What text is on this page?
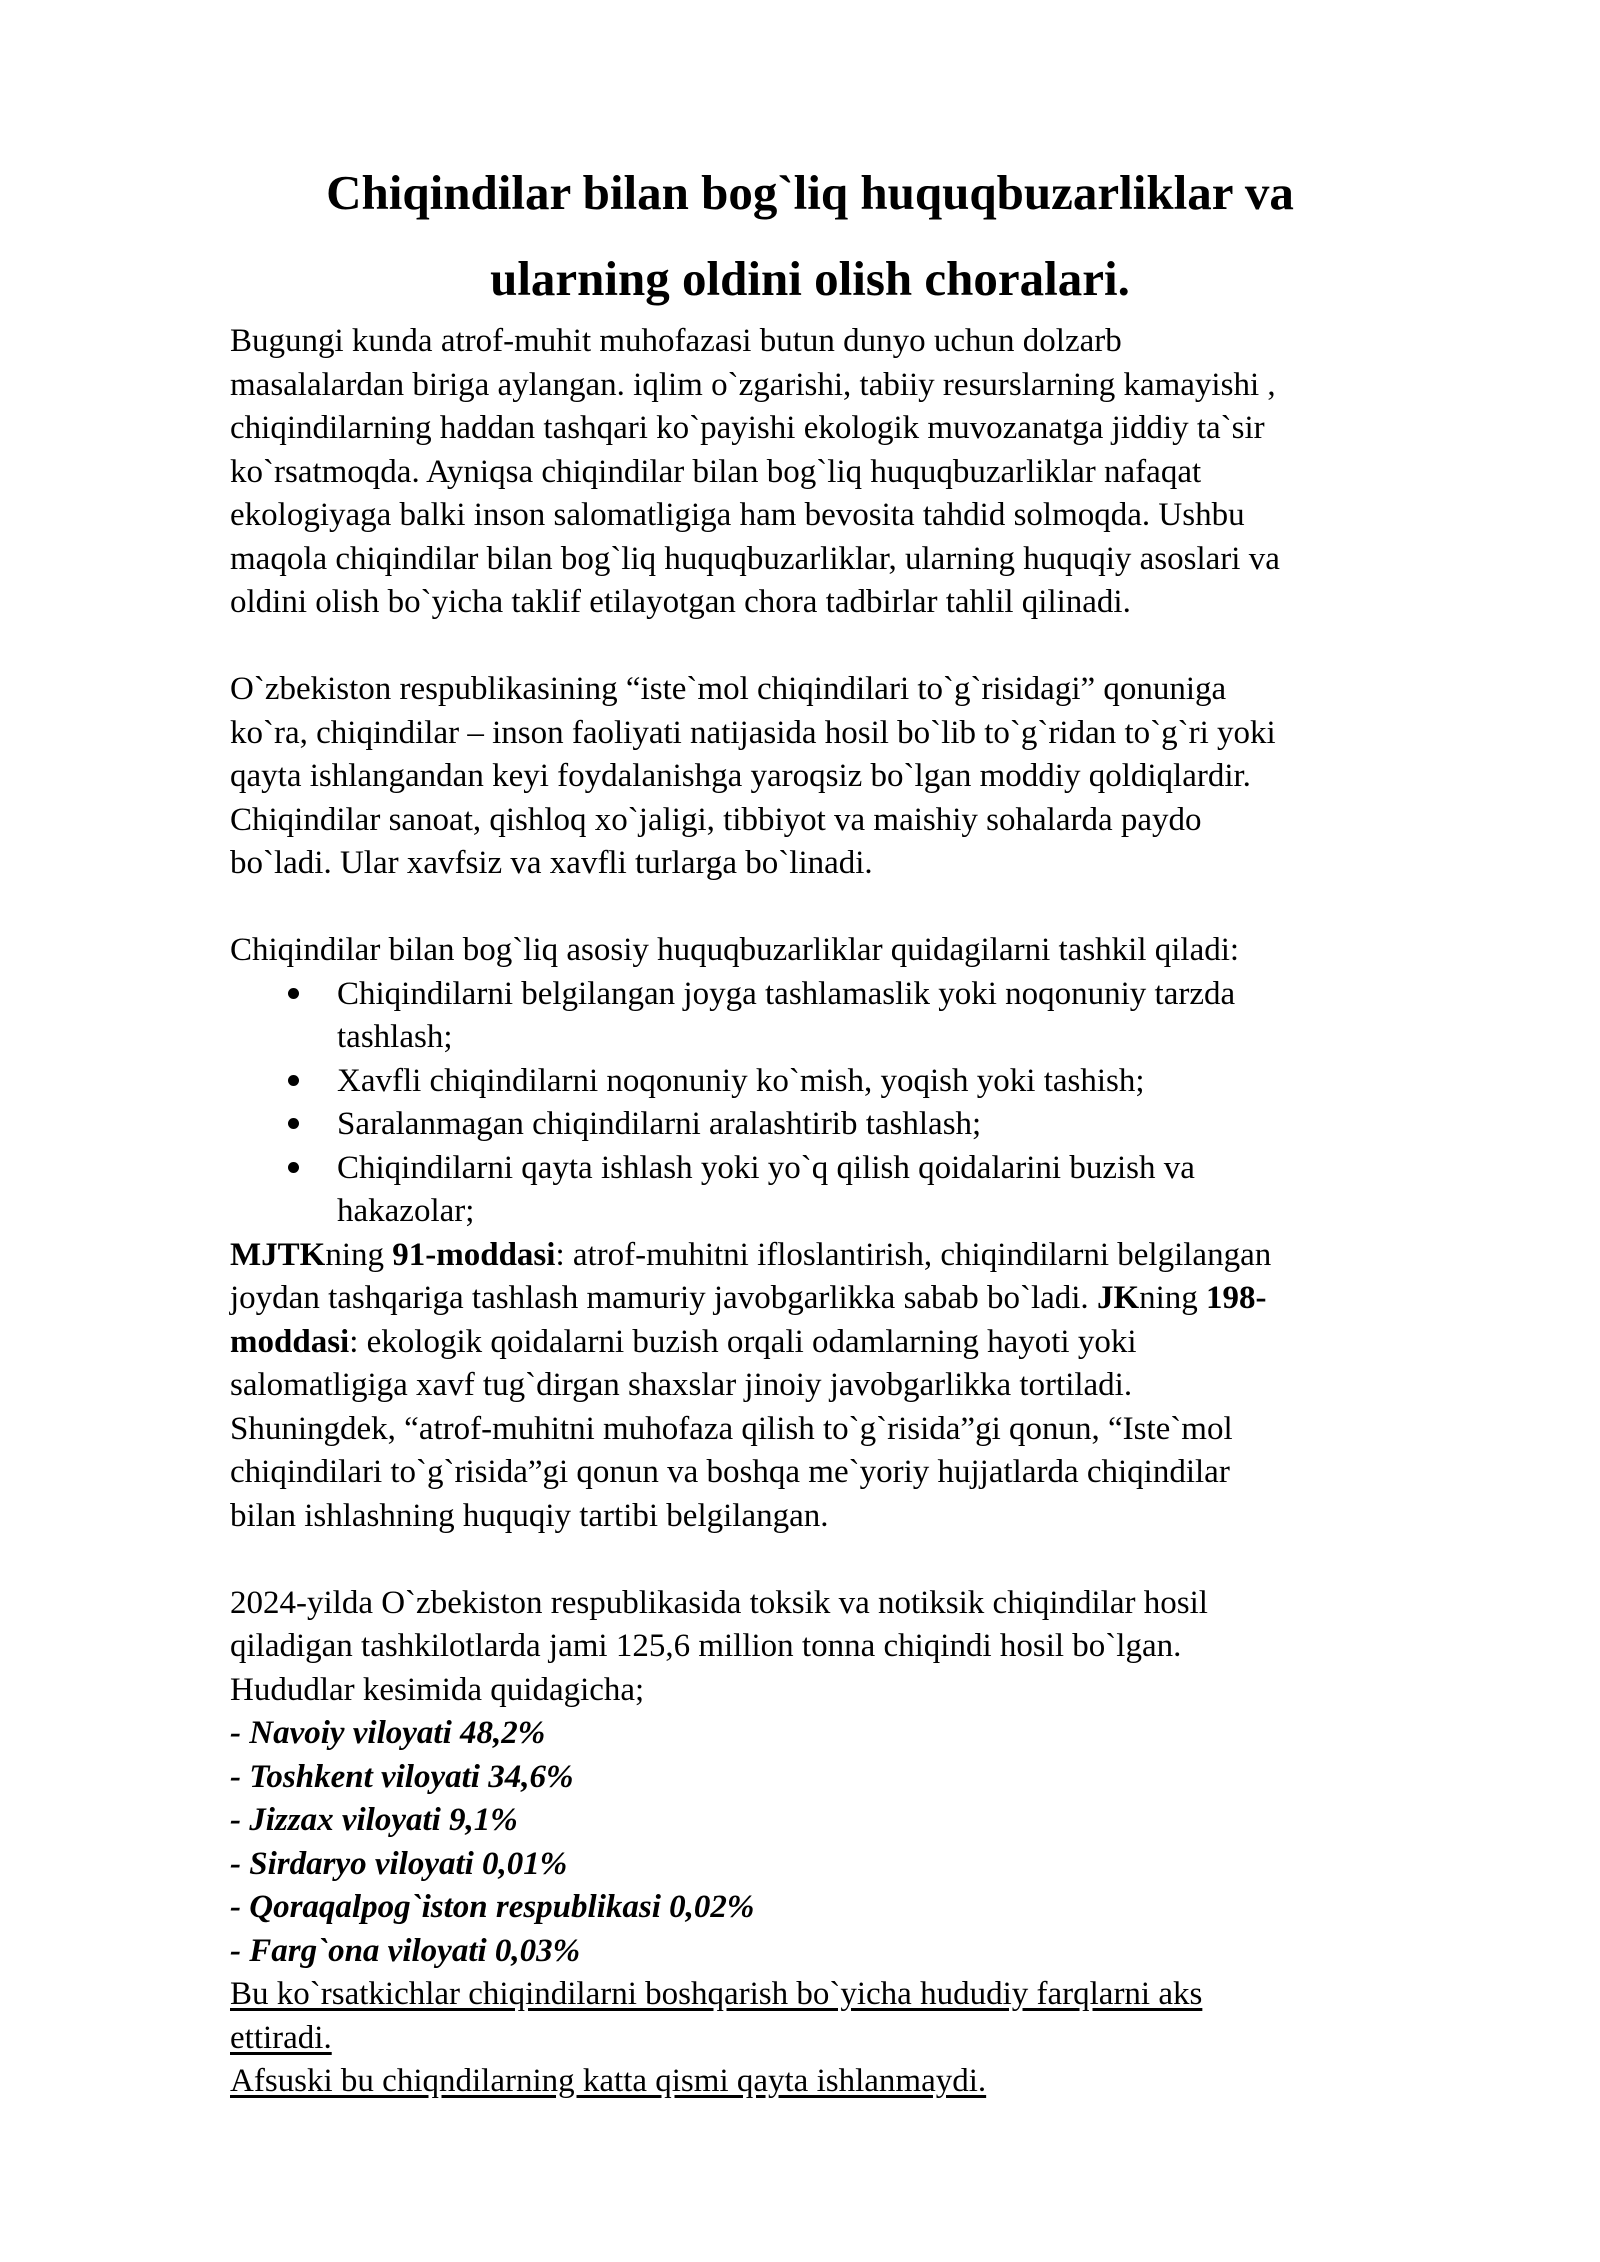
Chiqindilar bilan bog`liq huquqbuzarliklar va
ularning oldini olish choralari.

Bugungi kunda atrof-muhit muhofazasi butun dunyo uchun dolzarb

masalalardan biriga aylangan. iqlim o`zgarishi, tabiiy resurslarning kamayishi ,

chiqindilarning haddan tashqari ko`payishi ekologik muvozanatga jiddiy ta`sir

ko`rsatmoqda. Ayniqsa chiqindilar bilan bog`liq huquqbuzarliklar nafaqat

ekologiyaga balki inson salomatligiga ham bevosita tahdid solmoqda. Ushbu

maqola chiqindilar bilan bog`liq huquqbuzarliklar, ularning huquqiy asoslari va

oldini olish bo`yicha taklif etilayotgan chora tadbirlar tahlil qilinadi.

O`zbekiston respublikasining “iste`mol chiqindilari to`g`risidagi” qonuniga

ko`ra, chiqindilar – inson faoliyati natijasida hosil bo`lib to`g`ridan to`g`ri yoki

qayta ishlangandan keyi foydalanishga yaroqsiz bo`lgan moddiy qoldiqlardir.

Chiqindilar sanoat, qishloq xo`jaligi, tibbiyot va maishiy sohalarda paydo

bo`ladi. Ular xavfsiz va xavfli turlarga bo`linadi.

Chiqindilar bilan bog`liq asosiy huquqbuzarliklar quidagilarni tashkil qiladi:

Chiqindilarni belgilangan joyga tashlamaslik yoki noqonuniy tarzda
tashlash;
Xavfli chiqindilarni noqonuniy ko`mish, yoqish yoki tashish;
Saralanmagan chiqindilarni aralashtirib tashlash;
Chiqindilarni qayta ishlash yoki yo`q qilish qoidalarini buzish va
hakazolar;

MJTKning 91-moddasi: atrof-muhitni ifloslantirish, chiqindilarni belgilangan

joydan tashqariga tashlash mamuriy javobgarlikka sabab bo`ladi. JKning 198-

moddasi: ekologik qoidalarni buzish orqali odamlarning hayoti yoki

salomatligiga xavf tug`dirgan shaxslar jinoiy javobgarlikka tortiladi.

Shuningdek, “atrof-muhitni muhofaza qilish to`g`risida”gi qonun, “Iste`mol

chiqindilari to`g`risida”gi qonun va boshqa me`yoriy hujjatlarda chiqindilar

bilan ishlashning huquqiy tartibi belgilangan.

2024-yilda O`zbekiston respublikasida toksik va notiksik chiqindilar hosil

qiladigan tashkilotlarda jami 125,6 million tonna chiqindi hosil bo`lgan.

Hududlar kesimida quidagicha;

- Navoiy viloyati 48,2%

- Toshkent viloyati 34,6%

- Jizzax viloyati 9,1%

- Sirdaryo viloyati 0,01%

- Qoraqalpog`iston respublikasi 0,02%

- Farg`ona viloyati 0,03%

Bu ko`rsatkichlar chiqindilarni boshqarish bo`yicha hududiy farqlarni aks

ettiradi.

Afsuski bu chiqndilarning katta qismi qayta ishlanmaydi.
